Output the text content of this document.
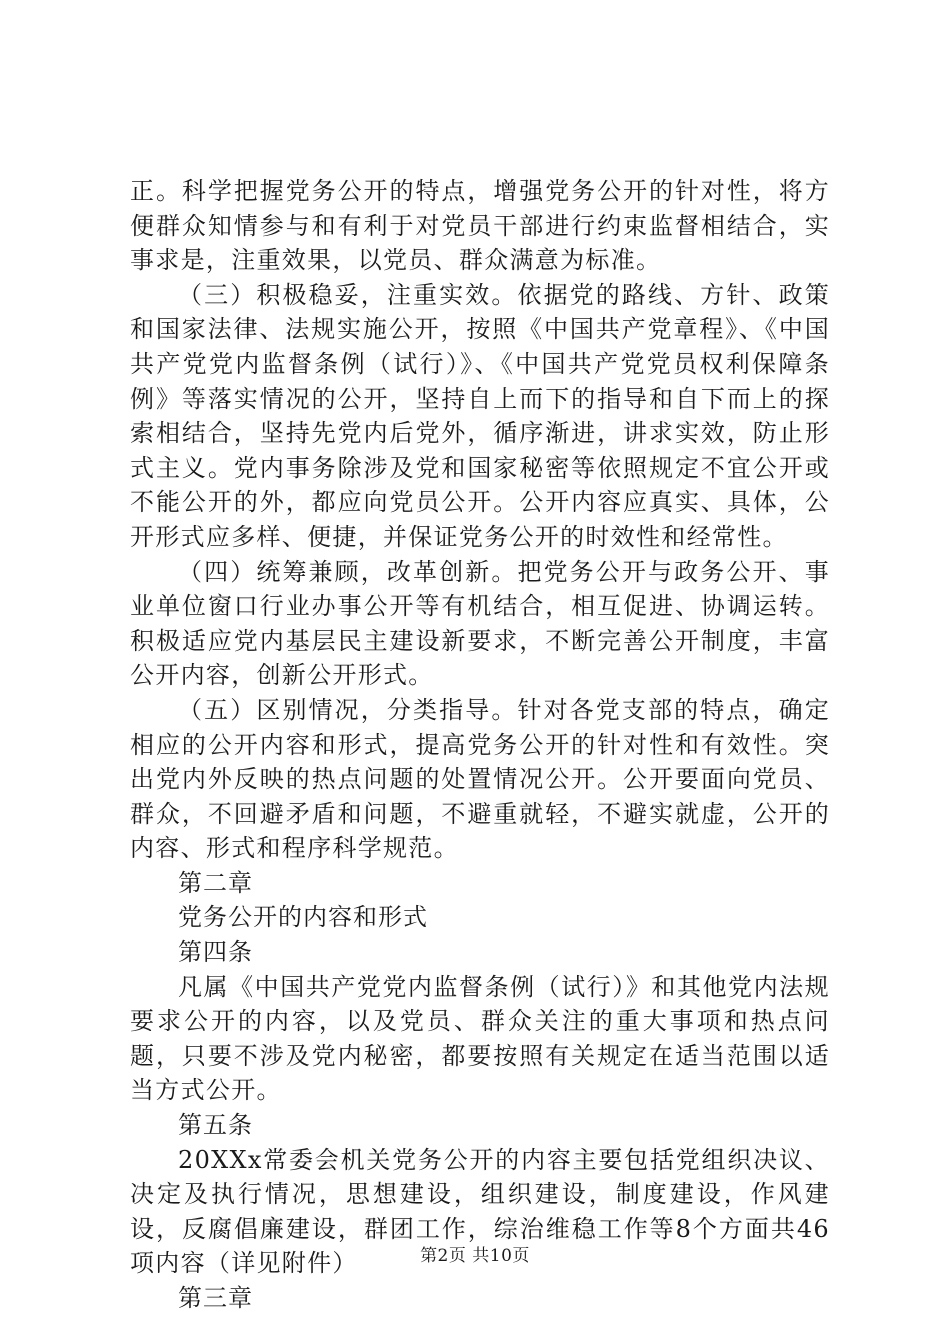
正。科学把握党务公开的特点，增强党务公开的针对性，将方便群众知情参与和有利于对党员干部进行约束监督相结合，实事求是，注重效果，以党员、群众满意为标准。

（三）积极稳妥，注重实效。依据党的路线、方针、政策和国家法律、法规实施公开，按照《中国共产党章程》、《中国共产党党内监督条例（试行）》、《中国共产党党员权利保障条例》等落实情况的公开，坚持自上而下的指导和自下而上的探索相结合，坚持先党内后党外，循序渐进，讲求实效，防止形式主义。党内事务除涉及党和国家秘密等依照规定不宜公开或不能公开的外，都应向党员公开。公开内容应真实、具体，公开形式应多样、便捷，并保证党务公开的时效性和经常性。

（四）统筹兼顾，改革创新。把党务公开与政务公开、事业单位窗口行业办事公开等有机结合，相互促进、协调运转。积极适应党内基层民主建设新要求，不断完善公开制度，丰富公开内容，创新公开形式。

（五）区别情况，分类指导。针对各党支部的特点，确定相应的公开内容和形式，提高党务公开的针对性和有效性。突出党内外反映的热点问题的处置情况公开。公开要面向党员、群众，不回避矛盾和问题，不避重就轻，不避实就虚，公开的内容、形式和程序科学规范。

第二章

党务公开的内容和形式

第四条

凡属《中国共产党党内监督条例（试行）》和其他党内法规要求公开的内容，以及党员、群众关注的重大事项和热点问题，只要不涉及党内秘密，都要按照有关规定在适当范围以适当方式公开。

第五条

20XXx常委会机关党务公开的内容主要包括党组织决议、决定及执行情况，思想建设，组织建设，制度建设，作风建设，反腐倡廉建设，群团工作，综治维稳工作等8个方面共46项内容（详见附件）

第三章

第2页 共10页
